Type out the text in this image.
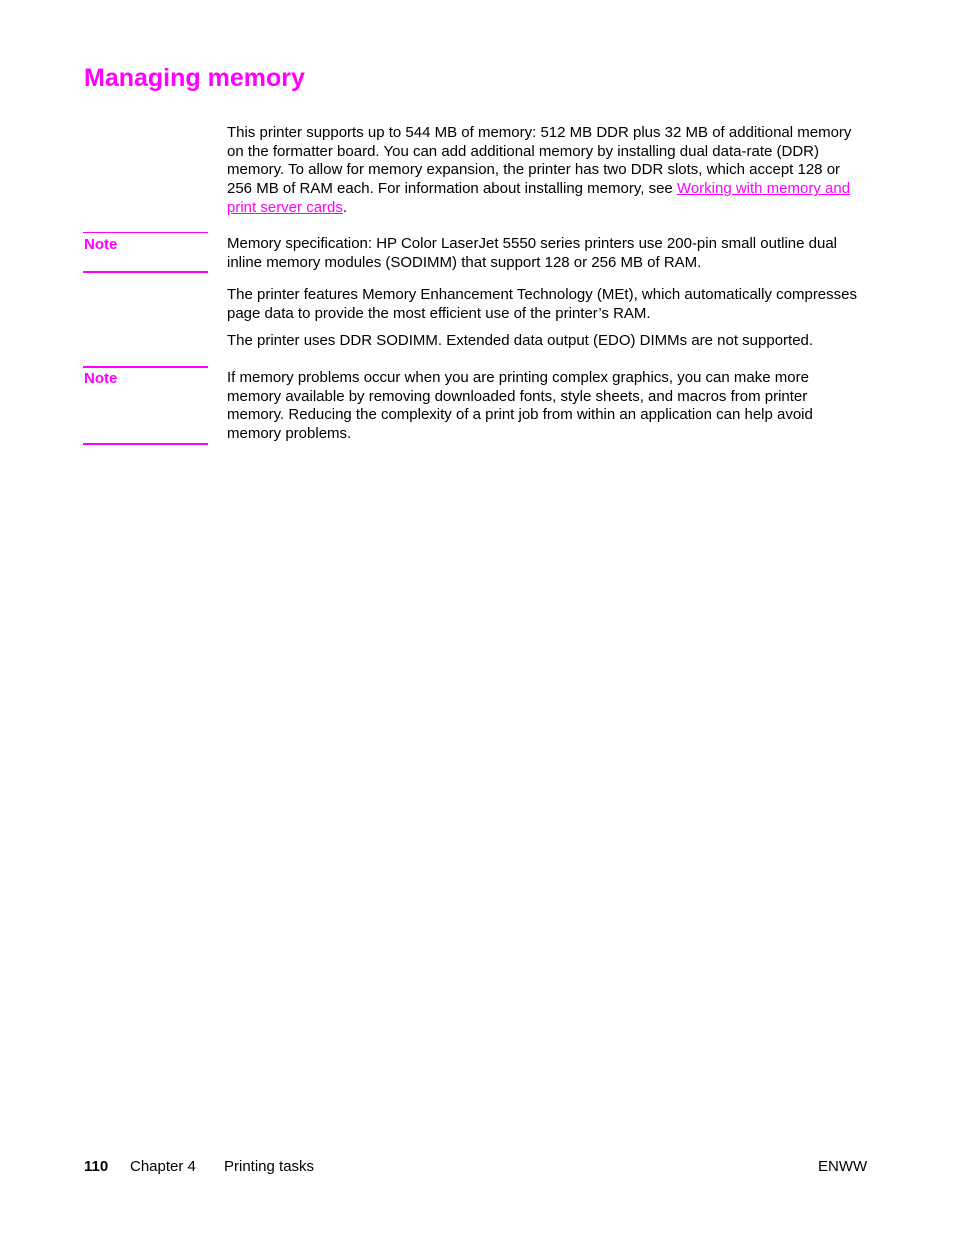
Managing memory

This printer supports up to 544 MB of memory: 512 MB DDR plus 32 MB of additional memory on the formatter board. You can add additional memory by installing dual data-rate (DDR) memory. To allow for memory expansion, the printer has two DDR slots, which accept 128 or 256 MB of RAM each. For information about installing memory, see Working with memory and print server cards.

Note	Memory specification: HP Color LaserJet 5550 series printers use 200-pin small outline dual inline memory modules (SODIMM) that support 128 or 256 MB of RAM.

The printer features Memory Enhancement Technology (MEt), which automatically compresses page data to provide the most efficient use of the printer’s RAM.

The printer uses DDR SODIMM. Extended data output (EDO) DIMMs are not supported.

Note	If memory problems occur when you are printing complex graphics, you can make more memory available by removing downloaded fonts, style sheets, and macros from printer memory. Reducing the complexity of a print job from within an application can help avoid memory problems.

110 Chapter 4 Printing tasks	ENWW
